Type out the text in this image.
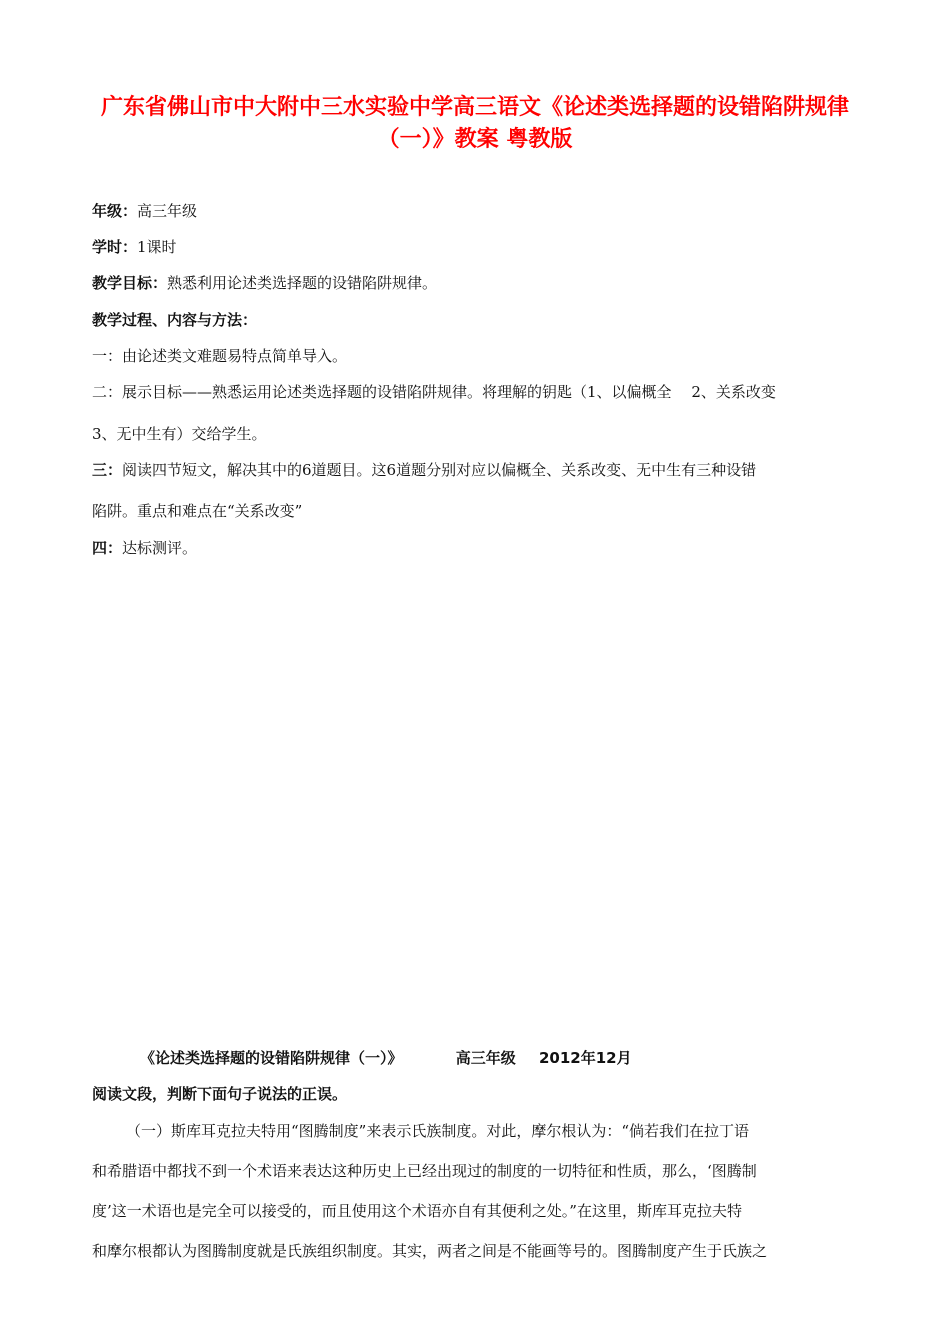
广东省佛山市中大附中三水实验中学高三语文《论述类选择题的设错陷阱规律
（一）》教案 粤教版
年级：高三年级
学时：1课时
教学目标：熟悉利用论述类选择题的设错陷阱规律。
教学过程、内容与方法：
一：由论述类文难题易特点简单导入。
二：展示目标——熟悉运用论述类选择题的设错陷阱规律。将理解的钥匙（1、以偏概全　 2、关系改变
3、无中生有）交给学生。
三：阅读四节短文，解决其中的6道题目。这6道题分别对应以偏概全、关系改变、无中生有三种设错
陷阱。重点和难点在“关系改变”
四：达标测评。
《论述类选择题的设错陷阱规律（一）》	高三年级 2012年12月
阅读文段，判断下面句子说法的正误。
（一）斯库耳克拉夫特用“图腾制度”来表示氏族制度。对此，摩尔根认为：“倘若我们在拉丁语
和希腊语中都找不到一个术语来表达这种历史上已经出现过的制度的一切特征和性质，那么，‘图腾制
度’这一术语也是完全可以接受的，而且使用这个术语亦自有其便利之处。”在这里，斯库耳克拉夫特
和摩尔根都认为图腾制度就是氏族组织制度。其实，两者之间是不能画等号的。图腾制度产生于氏族之
